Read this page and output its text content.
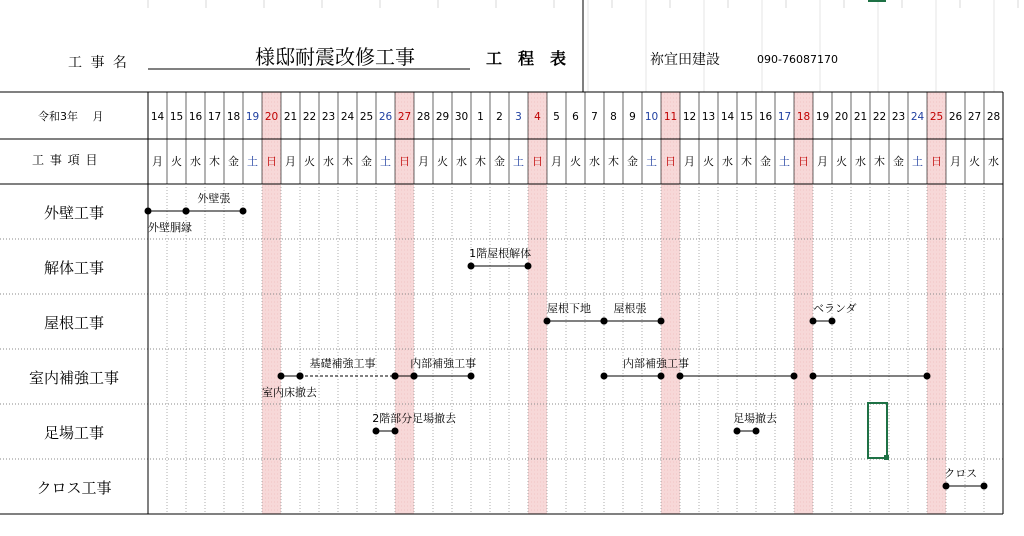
工 事 名	様邸耐震改修工事	工　程　表	祢宜田建設	090-76087170
令和3年　 月
工 事 項 目
14 15 16 17 18 19 20 21 22 23 24 25 26 27 28 29 30 1 2 3 4 5 6 7 8 9 10 11 12 13 14 15 16 17 18 19 20 21 22 23 24 25 26 27 28
月 火 水 木 金 土 日 月 火 水 木 金 土 日 月 火 水 木 金 土 日 月 火 水 木 金 土 日 月 火 水 木 金 土 日 月 火 水 木 金 土 日 月 火 水
外壁工事
解体工事
屋根工事
室内補強工事
足場工事
クロス工事
外壁胴縁
外壁張
1階屋根解体
屋根下地 屋根張	ベランダ
室内床撤去
基礎補強工事	内部補強工事	内部補強工事
2階部分足場撤去	足場撤去
クロス
